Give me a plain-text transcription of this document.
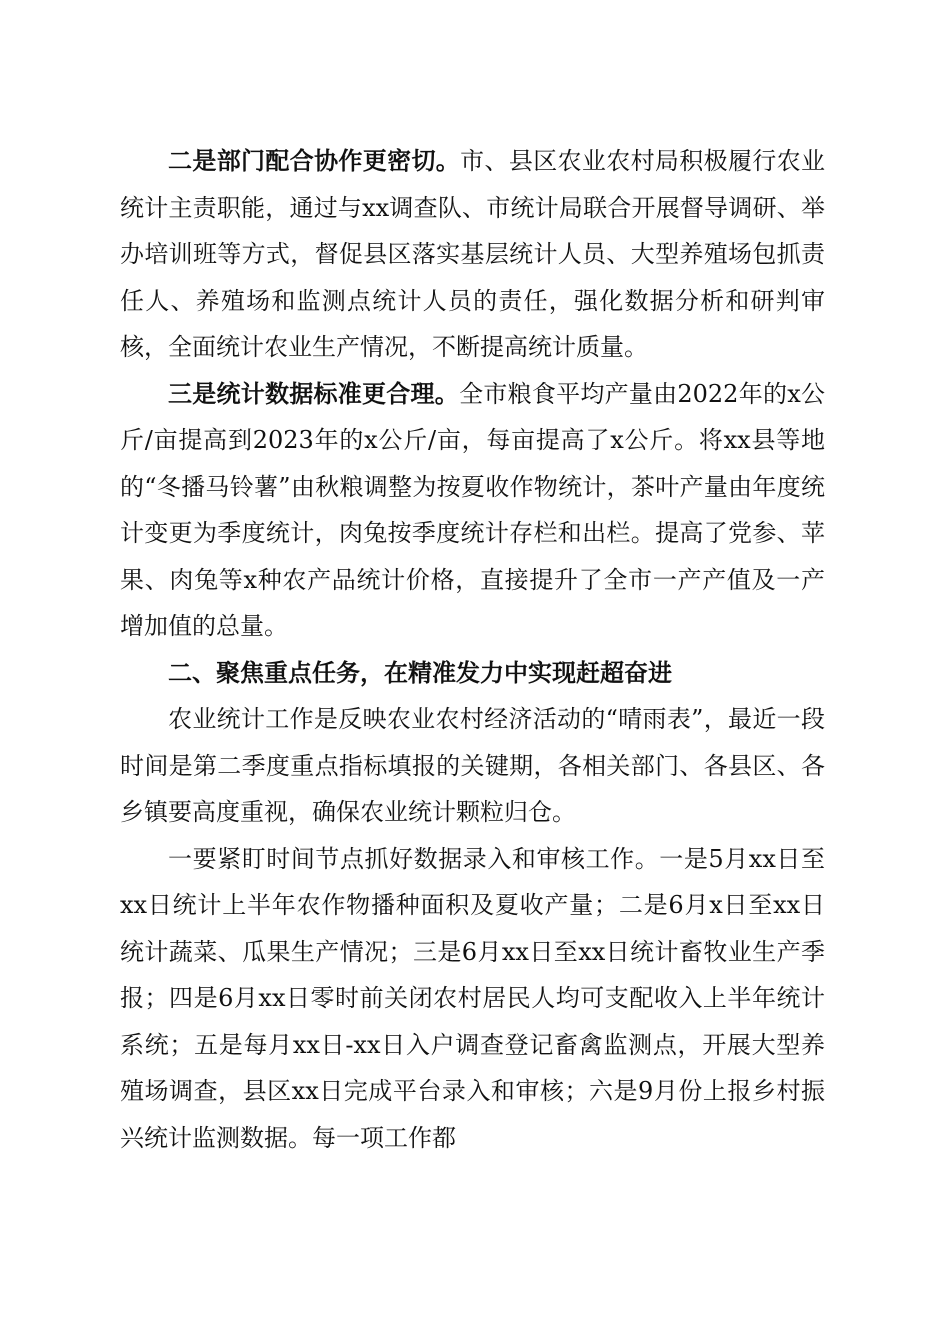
二是部门配合协作更密切。市、县区农业农村局积极履行农业统计主责职能，通过与xx调查队、市统计局联合开展督导调研、举办培训班等方式，督促县区落实基层统计人员、大型养殖场包抓责任人、养殖场和监测点统计人员的责任，强化数据分析和研判审核，全面统计农业生产情况，不断提高统计质量。

三是统计数据标准更合理。全市粮食平均产量由2022年的x公斤/亩提高到2023年的x公斤/亩，每亩提高了x公斤。将xx县等地的“冬播马铃薯”由秋粮调整为按夏收作物统计，茶叶产量由年度统计变更为季度统计，肉兔按季度统计存栏和出栏。提高了党参、苹果、肉兔等x种农产品统计价格，直接提升了全市一产产值及一产增加值的总量。

二、聚焦重点任务，在精准发力中实现赶超奋进

农业统计工作是反映农业农村经济活动的“晴雨表”，最近一段时间是第二季度重点指标填报的关键期，各相关部门、各县区、各乡镇要高度重视，确保农业统计颗粒归仓。

一要紧盯时间节点抓好数据录入和审核工作。一是5月xx日至xx日统计上半年农作物播种面积及夏收产量；二是6月x日至xx日统计蔬菜、瓜果生产情况；三是6月xx日至xx日统计畜牧业生产季报；四是6月xx日零时前关闭农村居民人均可支配收入上半年统计系统；五是每月xx日-xx日入户调查登记畜禽监测点，开展大型养殖场调查，县区xx日完成平台录入和审核；六是9月份上报乡村振兴统计监测数据。每一项工作都
